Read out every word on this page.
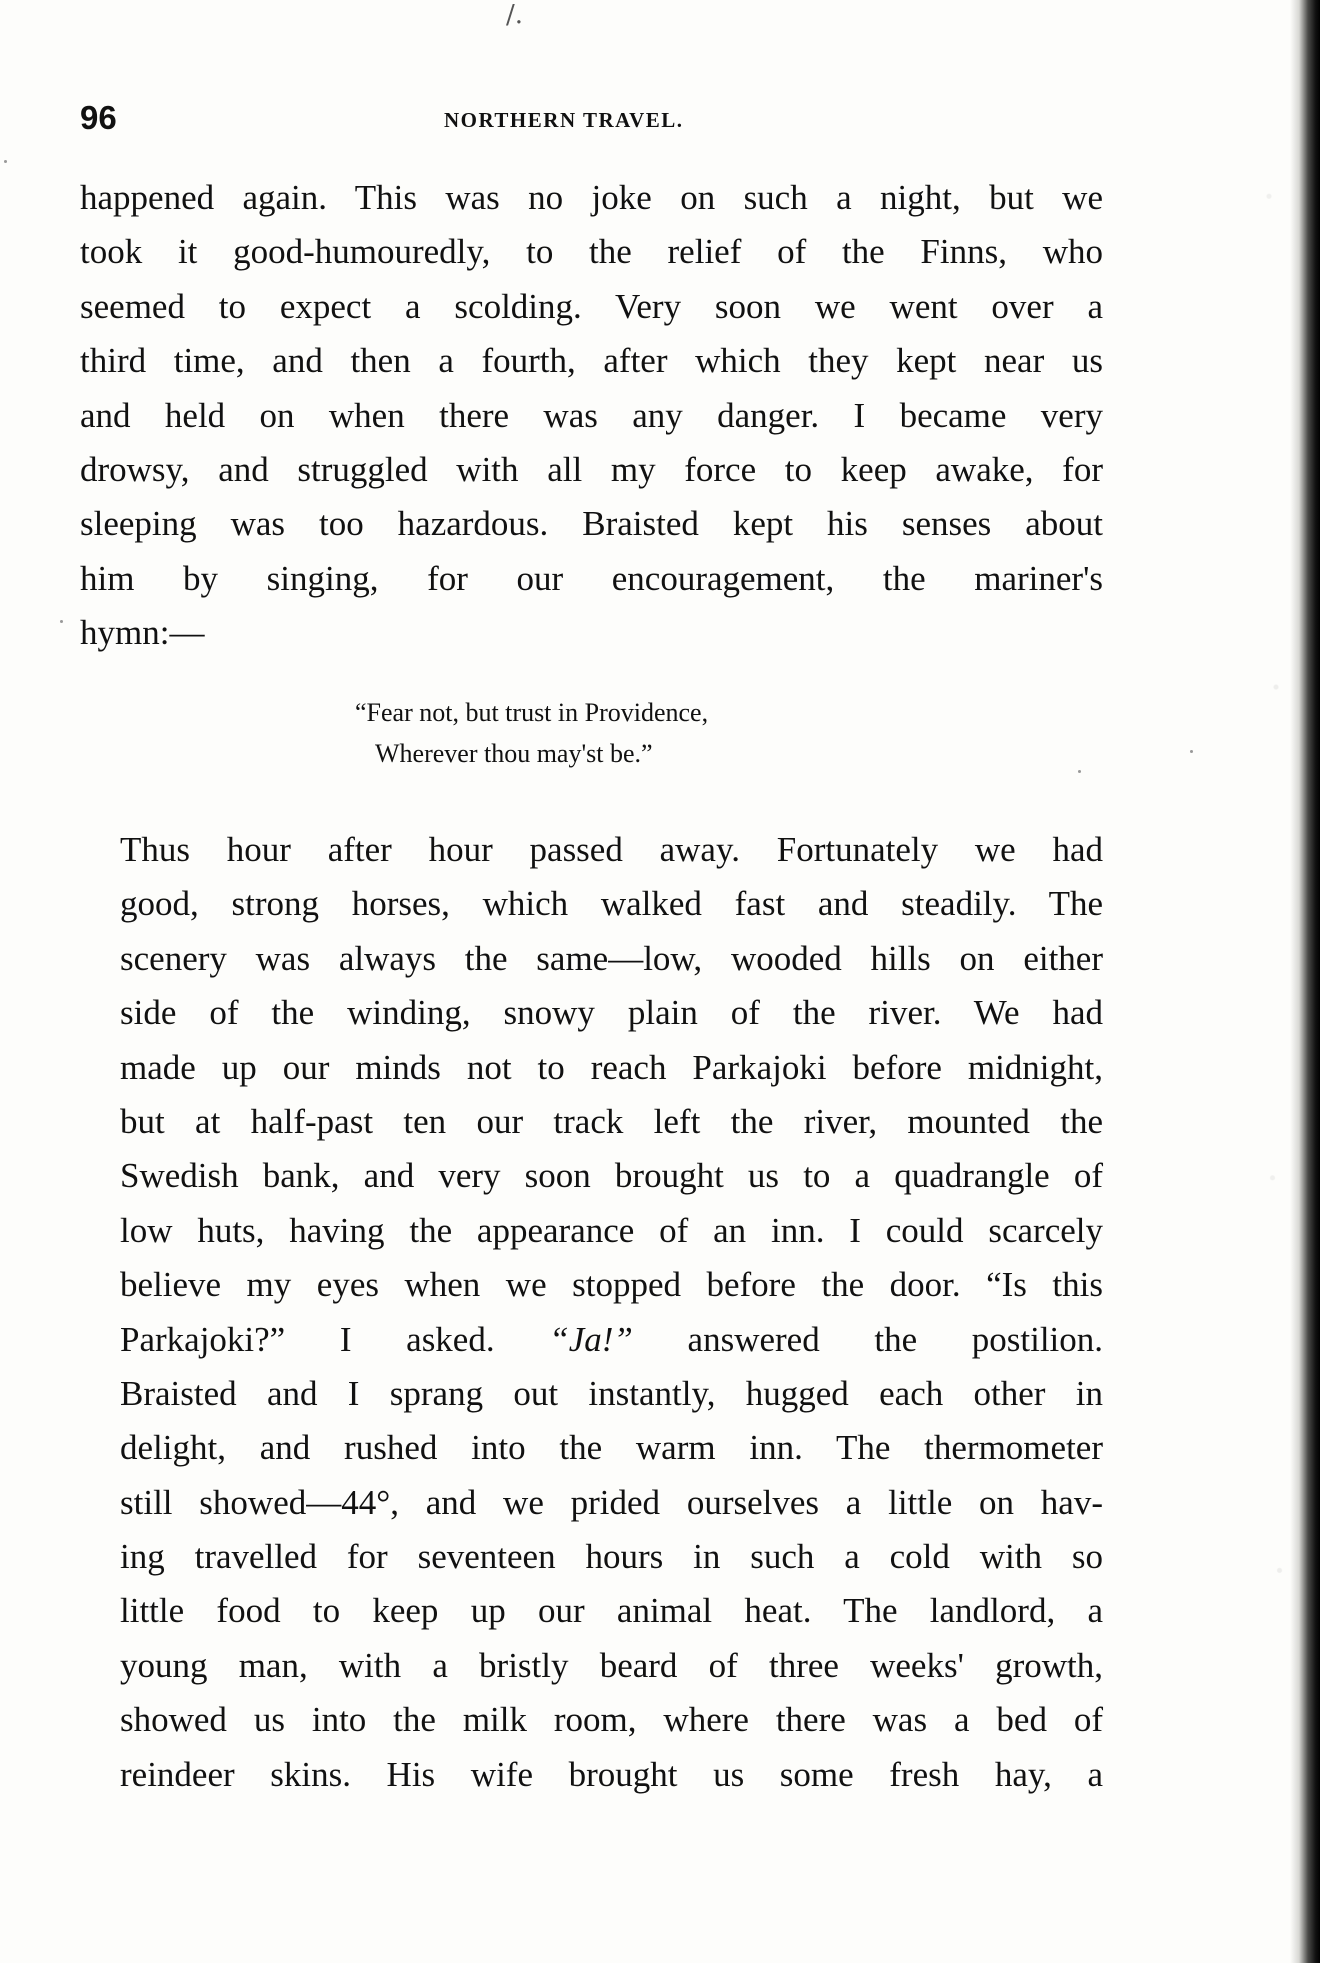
/.
96	NORTHERN TRAVEL.
happened again. This was no joke on such a night, but we
took it good-humouredly, to the relief of the Finns, who
seemed to expect a scolding. Very soon we went over a
third time, and then a fourth, after which they kept near us
and held on when there was any danger. I became very
drowsy, and struggled with all my force to keep awake, for
sleeping was too hazardous. Braisted kept his senses about
him by singing, for our encouragement, the mariner's
hymn:—
“Fear not, but trust in Providence,
Wherever thou may'st be.”
Thus hour after hour passed away. Fortunately we had
good, strong horses, which walked fast and steadily. The
scenery was always the same—low, wooded hills on either
side of the winding, snowy plain of the river. We had
made up our minds not to reach Parkajoki before midnight,
but at half-past ten our track left the river, mounted the
Swedish bank, and very soon brought us to a quadrangle of
low huts, having the appearance of an inn. I could scarcely
believe my eyes when we stopped before the door. “Is this
Parkajoki?” I asked. “Ja!” answered the postilion.
Braisted and I sprang out instantly, hugged each other in
delight, and rushed into the warm inn. The thermometer
still showed—44°, and we prided ourselves a little on hav-
ing travelled for seventeen hours in such a cold with so
little food to keep up our animal heat. The landlord, a
young man, with a bristly beard of three weeks' growth,
showed us into the milk room, where there was a bed of
reindeer skins. His wife brought us some fresh hay, a
